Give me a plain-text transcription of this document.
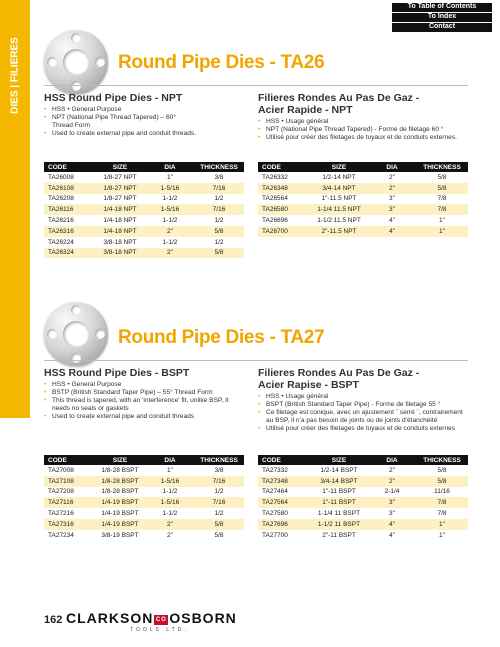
DIES | FILIERES
To Table of Contents
To Index
Contact
Round Pipe Dies - TA26
HSS Round Pipe Dies - NPT
• HSS • General Purpose
• NPT (National Pipe Thread Tapered) – 60° Thread Form
• Used to create external pipe and conduit threads.
Filieres Rondes Au Pas De Gaz - Acier Rapide - NPT
• HSS • Usage général
• NPT (National Pipe Thread Tapered) - Forme de filetage 60 °
• Utilisé pour créer des filetages de tuyaux et de conduits externes.
CODE	SIZE	DIA	THICKNESS
TA26008	1/8-27 NPT	1"	3/8
TA26108	1/8-27 NPT	1-5/16	7/16
TA26208	1/8-27 NPT	1-1/2	1/2
TA26116	1/4-18 NPT	1-5/16	7/16
TA26216	1/4-18 NPT	1-1/2	1/2
TA26316	1/4-18 NPT	2"	5/8
TA26224	3/8-18 NPT	1-1/2	1/2
TA26324	3/8-18 NPT	2"	5/8
CODE	SIZE	DIA	THICKNESS
TA26332	1/2-14 NPT	2"	5/8
TA26348	3/4-14 NPT	2"	5/8
TA26564	1"-11.5 NPT	3"	7/8
TA26580	1-1/4 11.5 NPT	3"	7/8
TA26696	1-1/2 11.5 NPT	4"	1"
TA26700	2"-11.5 NPT	4"	1"
Round Pipe Dies - TA27
HSS Round Pipe Dies - BSPT
• HSS • General Purpose
• BSTP (British Standard Taper Pipe) – 55° Thread Form
• This thread is tapered, with an 'interference' fit, unlike BSP, it needs no seals or gaskets
• Used to create external pipe and conduit threads
Filieres Rondes Au Pas De Gaz - Acier Rapise - BSPT
• HSS • Usage général
• BSPT (British Standard Taper Pipe) - Forme de filetage 55 °
• Ce filetage est conique, avec un ajustement ¨ serré ¨, contrairement au BSP, il n'a pas besoin de joints ou de joints d'étanchéité
• Utilisé pour créer des filetages de tuyaux et de conduits externes
CODE	SIZE	DIA	THICKNESS
TA27008	1/8-28 BSPT	1"	3/8
TA27108	1/8-28 BSPT	1-5/16	7/16
TA27208	1/8-28 BSPT	1-1/2	1/2
TA27116	1/4-19 BSPT	1-5/16	7/16
TA27216	1/4-19 BSPT	1-1/2	1/2
TA27316	1/4-19 BSPT	2"	5/8
TA27234	3/8-19 BSPT	2"	5/8
CODE	SIZE	DIA	THICKNESS
TA27332	1/2-14 BSPT	2"	5/8
TA27348	3/4-14 BSPT	2"	5/8
TA27464	1"-11 BSPT	2-1/4	11/16
TA27564	1"-11 BSPT	3"	7/8
TA27580	1-1/4 11 BSPT	3"	7/8
TA27696	1-1/2 11 BSPT	4"	1"
TA27700	2"-11 BSPT	4"	1"
162 CLARKSON CO OSBORN
TOOLS LTD.
